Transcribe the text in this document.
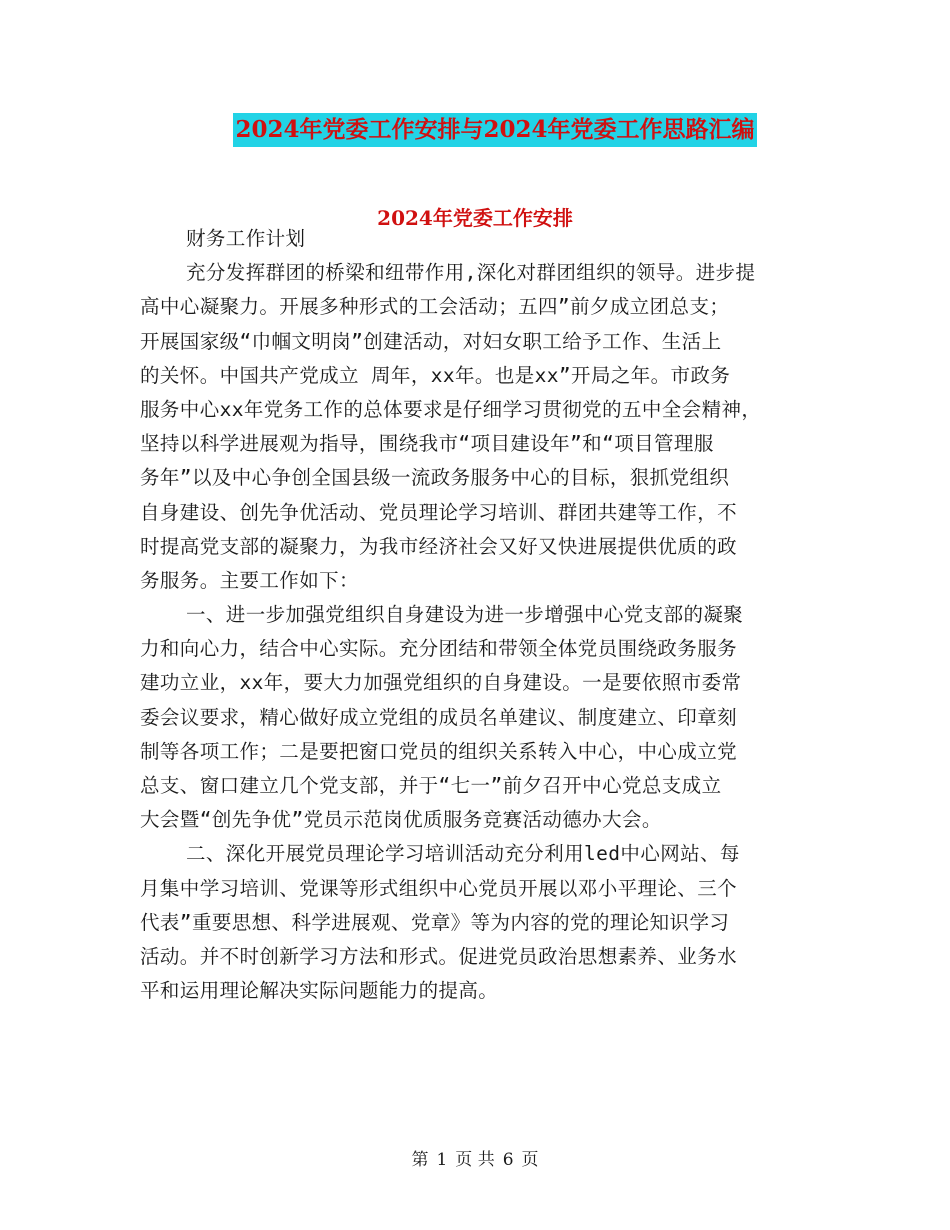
2024年党委工作安排与2024年党委工作思路汇编
2024年党委工作安排
财务工作计划
充分发挥群团的桥梁和纽带作用,深化对群团组织的领导。进步提
高中心凝聚力。开展多种形式的工会活动；五四”前夕成立团总支；
开展国家级“巾帼文明岗”创建活动，对妇女职工给予工作、生活上
的关怀。中国共产党成立 周年，xx年。也是xx”开局之年。市政务
服务中心xx年党务工作的总体要求是仔细学习贯彻党的五中全会精神，
坚持以科学进展观为指导，围绕我市“项目建设年”和“项目管理服
务年”以及中心争创全国县级一流政务服务中心的目标，狠抓党组织
自身建设、创先争优活动、党员理论学习培训、群团共建等工作，不
时提高党支部的凝聚力，为我市经济社会又好又快进展提供优质的政
务服务。主要工作如下：
一、进一步加强党组织自身建设为进一步增强中心党支部的凝聚
力和向心力，结合中心实际。充分团结和带领全体党员围绕政务服务
建功立业，xx年，要大力加强党组织的自身建设。一是要依照市委常
委会议要求，精心做好成立党组的成员名单建议、制度建立、印章刻
制等各项工作；二是要把窗口党员的组织关系转入中心，中心成立党
总支、窗口建立几个党支部，并于“七一”前夕召开中心党总支成立
大会暨“创先争优”党员示范岗优质服务竞赛活动德办大会。
二、深化开展党员理论学习培训活动充分利用led中心网站、每
月集中学习培训、党课等形式组织中心党员开展以邓小平理论、三个
代表”重要思想、科学进展观、党章》等为内容的党的理论知识学习
活动。并不时创新学习方法和形式。促进党员政治思想素养、业务水
平和运用理论解决实际问题能力的提高。
第 1 页 共 6 页
